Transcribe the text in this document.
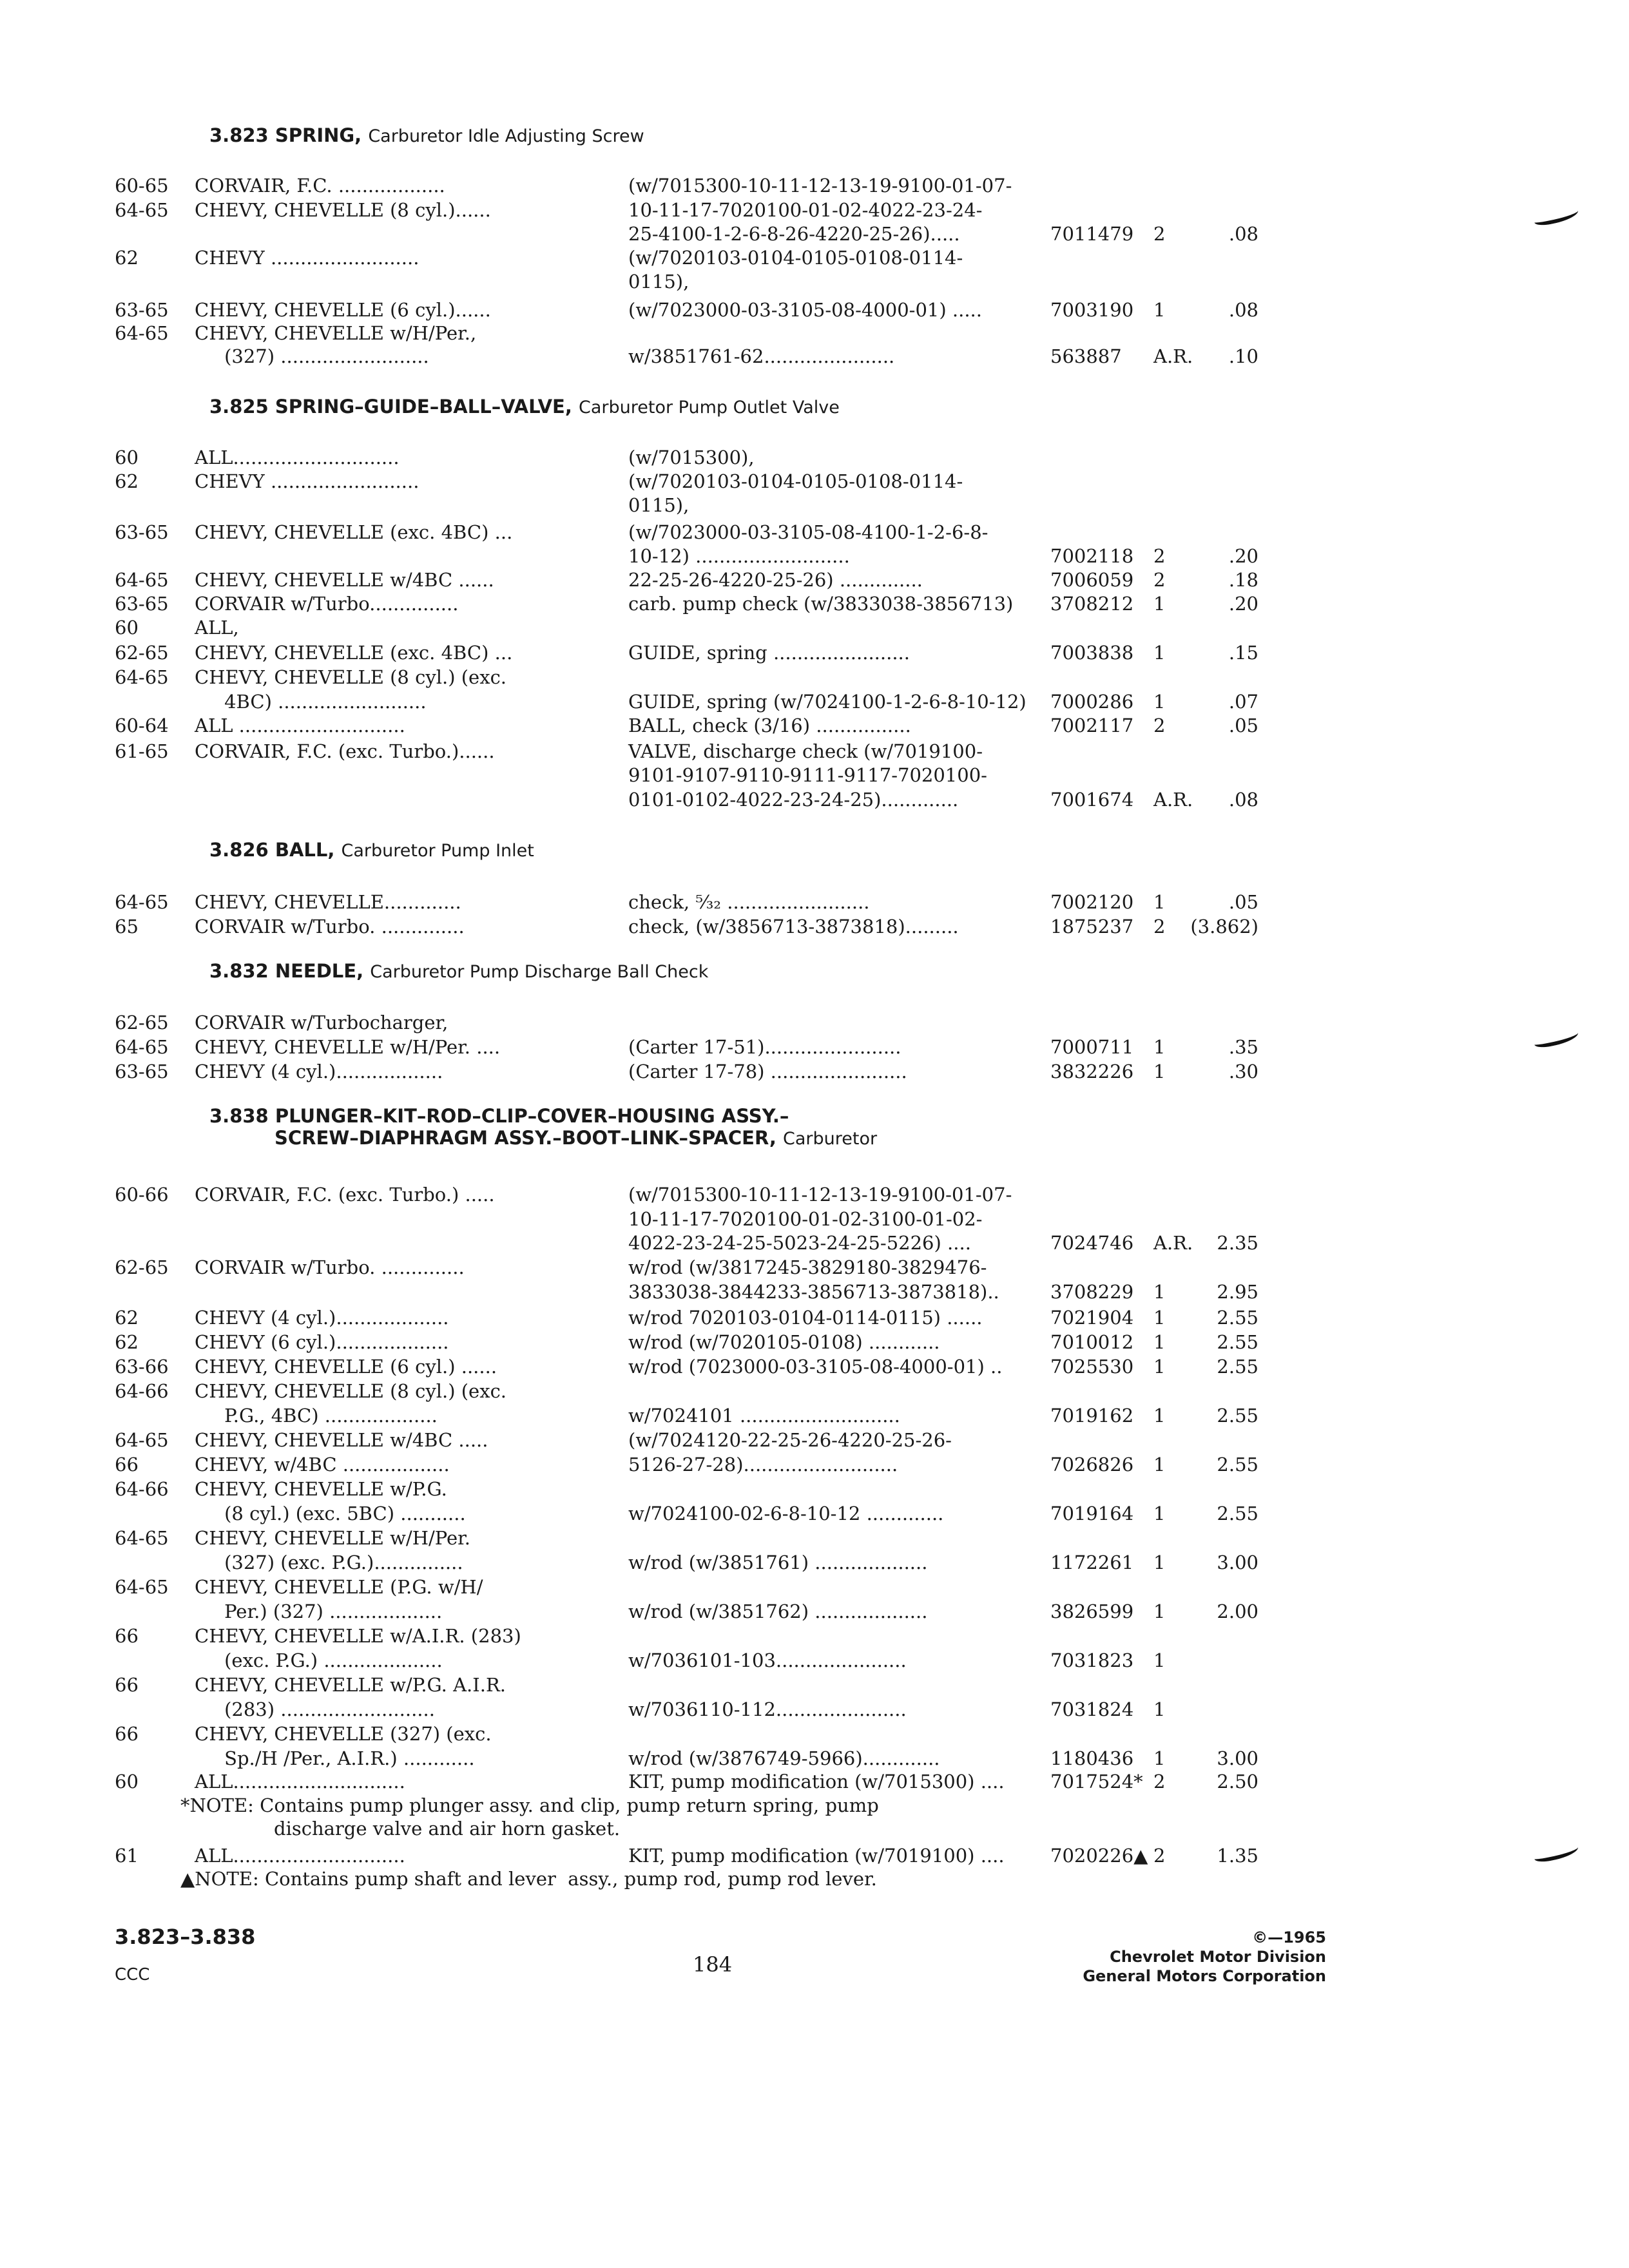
3.823 SPRING, Carburetor Idle Adjusting Screw
60-65 CORVAIR, F.C. ..................	(w/7015300-10-11-12-13-19-9100-01-07-
64-65 CHEVY, CHEVELLE (8 cyl.)......	10-11-17-7020100-01-02-4022-23-24-
25-4100-1-2-6-8-26-4220-25-26).....	7011479 2	.08
62	CHEVY .........................	(w/7020103-0104-0105-0108-0114-
0115),
63-65 CHEVY, CHEVELLE (6 cyl.)......	(w/7023000-03-3105-08-4000-01) .....	7003190 1	.08
64-65 CHEVY, CHEVELLE w/H/Per.,
(327) .........................	w/3851761-62......................	563887 A.R. .10
3.825 SPRING–GUIDE–BALL–VALVE, Carburetor Pump Outlet Valve
60	ALL............................	(w/7015300),
62	CHEVY .........................	(w/7020103-0104-0105-0108-0114-
0115),
63-65 CHEVY, CHEVELLE (exc. 4BC) ...	(w/7023000-03-3105-08-4100-1-2-6-8-
10-12) ..........................	7002118 2	.20
64-65 CHEVY, CHEVELLE w/4BC ......	22-25-26-4220-25-26) ..............	7006059 2	.18
63-65 CORVAIR w/Turbo...............	carb. pump check (w/3833038-3856713) 3708212 1	.20
60	ALL,
62-65 CHEVY, CHEVELLE (exc. 4BC) ...	GUIDE, spring .......................	7003838 1	.15
64-65 CHEVY, CHEVELLE (8 cyl.) (exc.
4BC) .........................	GUIDE, spring (w/7024100-1-2-6-8-10-12) 7000286 1	.07
60-64 ALL ............................	BALL, check (3/16) ................	7002117 2	.05
61-65 CORVAIR, F.C. (exc. Turbo.)......	VALVE, discharge check (w/7019100-
9101-9107-9110-9111-9117-7020100-
0101-0102-4022-23-24-25).............	7001674 A.R. .08
3.826 BALL, Carburetor Pump Inlet
64-65 CHEVY, CHEVELLE.............	check, ⁵⁄₃₂ ........................	7002120 1	.05
65	CORVAIR w/Turbo. ..............	check, (w/3856713-3873818).........	1875237 2 (3.862)
3.832 NEEDLE, Carburetor Pump Discharge Ball Check
62-65 CORVAIR w/Turbocharger,
64-65 CHEVY, CHEVELLE w/H/Per. ....	(Carter 17-51).......................	7000711 1	.35
63-65 CHEVY (4 cyl.)..................	(Carter 17-78) .......................	3832226 1	.30
3.838 PLUNGER–KIT–ROD–CLIP–COVER–HOUSING ASSY.–
SCREW–DIAPHRAGM ASSY.–BOOT–LINK–SPACER, Carburetor
60-66 CORVAIR, F.C. (exc. Turbo.) .....	(w/7015300-10-11-12-13-19-9100-01-07-
10-11-17-7020100-01-02-3100-01-02-
4022-23-24-25-5023-24-25-5226) ....	7024746 A.R. 2.35
62-65 CORVAIR w/Turbo. ..............	w/rod (w/3817245-3829180-3829476-
3833038-3844233-3856713-3873818)..	3708229 1	2.95
62	CHEVY (4 cyl.)...................	w/rod 7020103-0104-0114-0115) ......	7021904 1	2.55
62	CHEVY (6 cyl.)...................	w/rod (w/7020105-0108) ............	7010012 1	2.55
63-66 CHEVY, CHEVELLE (6 cyl.) ......	w/rod (7023000-03-3105-08-4000-01) ..	7025530 1	2.55
64-66 CHEVY, CHEVELLE (8 cyl.) (exc.
P.G., 4BC) ...................	w/7024101 ...........................	7019162 1	2.55
64-65 CHEVY, CHEVELLE w/4BC .....	(w/7024120-22-25-26-4220-25-26-
66	CHEVY, w/4BC ..................	5126-27-28)..........................	7026826 1	2.55
64-66 CHEVY, CHEVELLE w/P.G.
(8 cyl.) (exc. 5BC) ...........	w/7024100-02-6-8-10-12 .............	7019164 1	2.55
64-65 CHEVY, CHEVELLE w/H/Per.
(327) (exc. P.G.)...............	w/rod (w/3851761) ...................	1172261 1	3.00
64-65 CHEVY, CHEVELLE (P.G. w/H/
Per.) (327) ...................	w/rod (w/3851762) ...................	3826599 1	2.00
66	CHEVY, CHEVELLE w/A.I.R. (283)
(exc. P.G.) ....................	w/7036101-103......................	7031823 1
66	CHEVY, CHEVELLE w/P.G. A.I.R.
(283) ..........................	w/7036110-112......................	7031824 1
66	CHEVY, CHEVELLE (327) (exc.
Sp./H /Per., A.I.R.) ............	w/rod (w/3876749-5966).............	1180436 1	3.00
60	ALL.............................	KIT, pump modification (w/7015300) .... 7017524* 2	2.50
61	ALL.............................	KIT, pump modification (w/7019100) .... 7020226▲ 2	1.35
*NOTE: Contains pump plunger assy. and clip, pump return spring, pump
discharge valve and air horn gasket.
▲NOTE: Contains pump shaft and lever  assy., pump rod, pump rod lever.
3.823–3.838
CCC	184
©—1965
Chevrolet Motor Division
General Motors Corporation
